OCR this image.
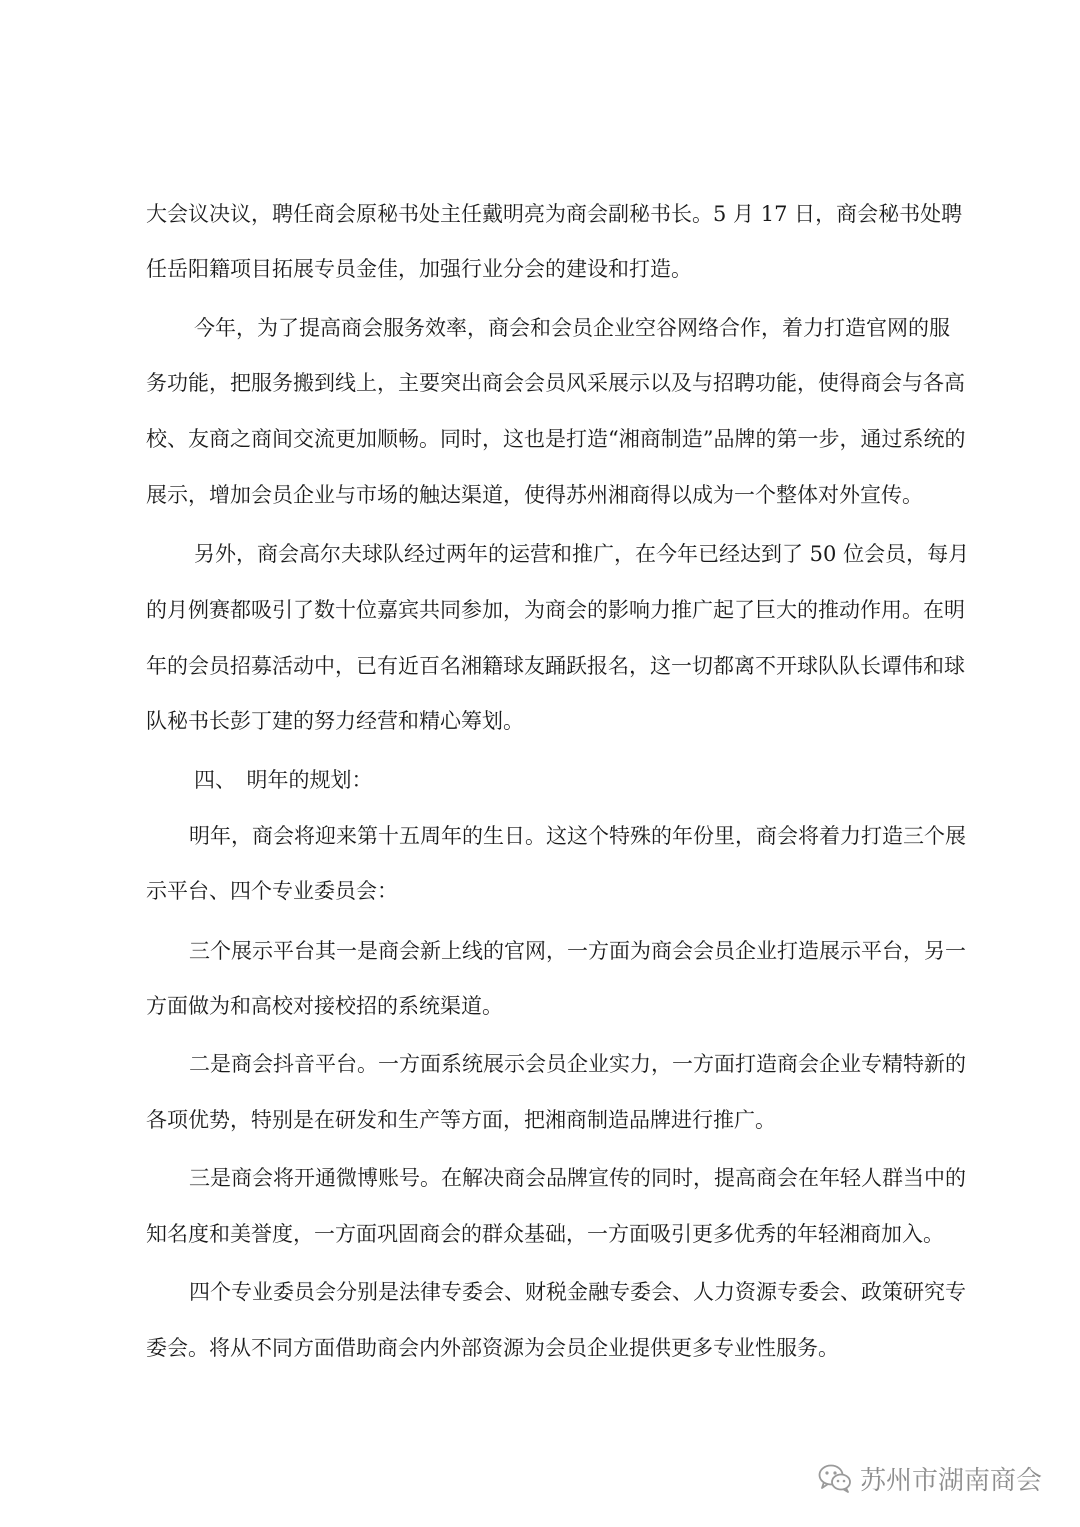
大会议决议，聘任商会原秘书处主任戴明亮为商会副秘书长。5 月 17 日，商会秘书处聘
任岳阳籍项目拓展专员金佳，加强行业分会的建设和打造。
今年，为了提高商会服务效率，商会和会员企业空谷网络合作，着力打造官网的服
务功能，把服务搬到线上，主要突出商会会员风采展示以及与招聘功能，使得商会与各高
校、友商之商间交流更加顺畅。同时，这也是打造“湘商制造”品牌的第一步，通过系统的
展示，增加会员企业与市场的触达渠道，使得苏州湘商得以成为一个整体对外宣传。
另外，商会高尔夫球队经过两年的运营和推广，在今年已经达到了 50 位会员，每月
的月例赛都吸引了数十位嘉宾共同参加，为商会的影响力推广起了巨大的推动作用。在明
年的会员招募活动中，已有近百名湘籍球友踊跃报名，这一切都离不开球队队长谭伟和球
队秘书长彭丁建的努力经营和精心筹划。
四、　明年的规划：
明年，商会将迎来第十五周年的生日。这这个特殊的年份里，商会将着力打造三个展
示平台、四个专业委员会：
三个展示平台其一是商会新上线的官网，一方面为商会会员企业打造展示平台，另一
方面做为和高校对接校招的系统渠道。
二是商会抖音平台。一方面系统展示会员企业实力，一方面打造商会企业专精特新的
各项优势，特别是在研发和生产等方面，把湘商制造品牌进行推广。
三是商会将开通微博账号。在解决商会品牌宣传的同时，提高商会在年轻人群当中的
知名度和美誉度，一方面巩固商会的群众基础，一方面吸引更多优秀的年轻湘商加入。
四个专业委员会分别是法律专委会、财税金融专委会、人力资源专委会、政策研究专
委会。将从不同方面借助商会内外部资源为会员企业提供更多专业性服务。
苏州市湖南商会
